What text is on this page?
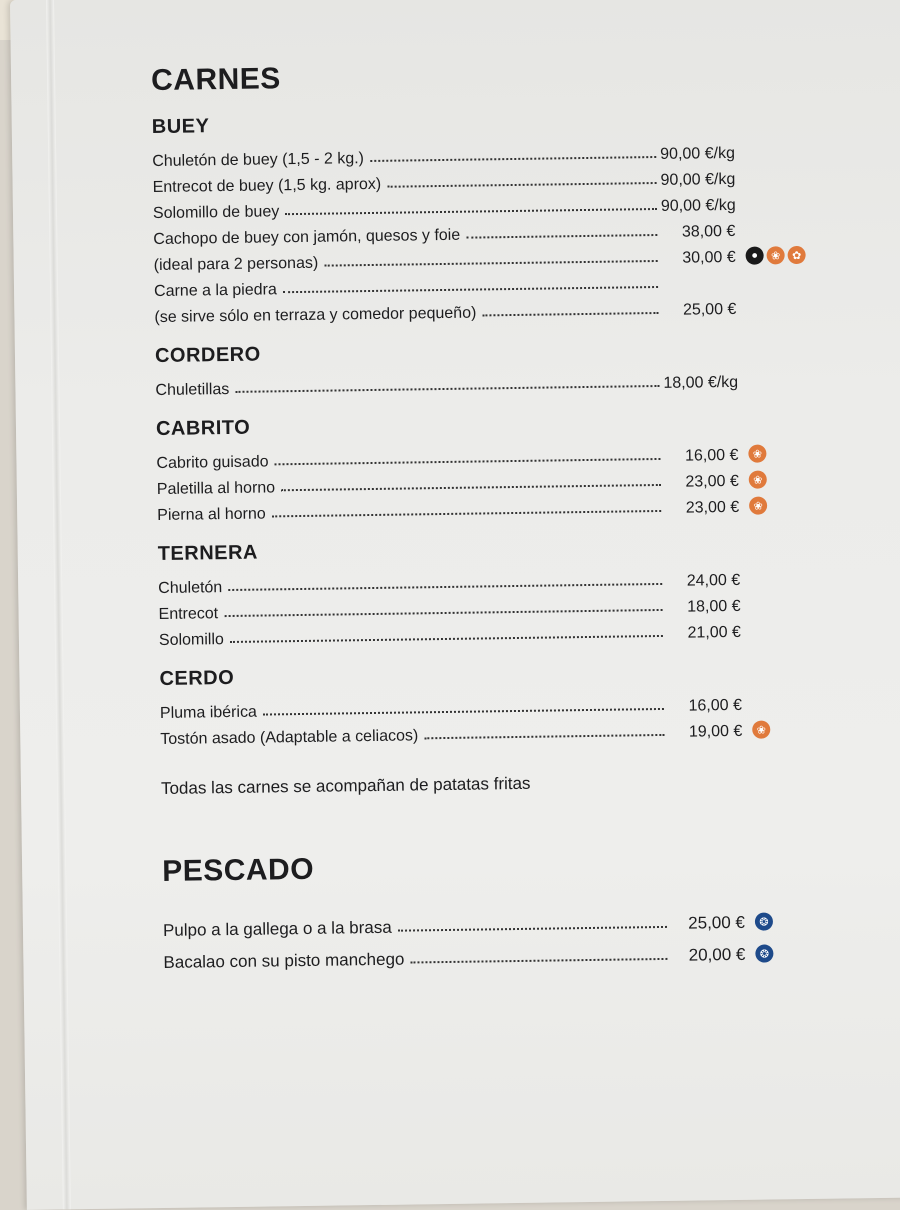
CARNES
BUEY
Chuletón de buey (1,5 - 2 kg.)	90,00 €/kg
Entrecot de buey (1,5 kg. aprox)	90,00 €/kg
Solomillo de buey	90,00 €/kg
Cachopo de buey con jamón, quesos y foie	38,00 €
(ideal para 2 personas)	30,00 €	●	❀	✿
Carne a la piedra
(se sirve sólo en terraza y comedor pequeño)	25,00 €
CORDERO
Chuletillas	18,00 €/kg
CABRITO
Cabrito guisado	16,00 €	❀
Paletilla al horno	23,00 €	❀
Pierna al horno	23,00 €	❀
TERNERA
Chuletón	24,00 €
Entrecot	18,00 €
Solomillo	21,00 €
CERDO
Pluma ibérica	16,00 €
Tostón asado (Adaptable a celiacos)	19,00 €	❀
Todas las carnes se acompañan de patatas fritas
PESCADO
Pulpo a la gallega o a la brasa	25,00 €	❂
Bacalao con su pisto manchego	20,00 €	❂
